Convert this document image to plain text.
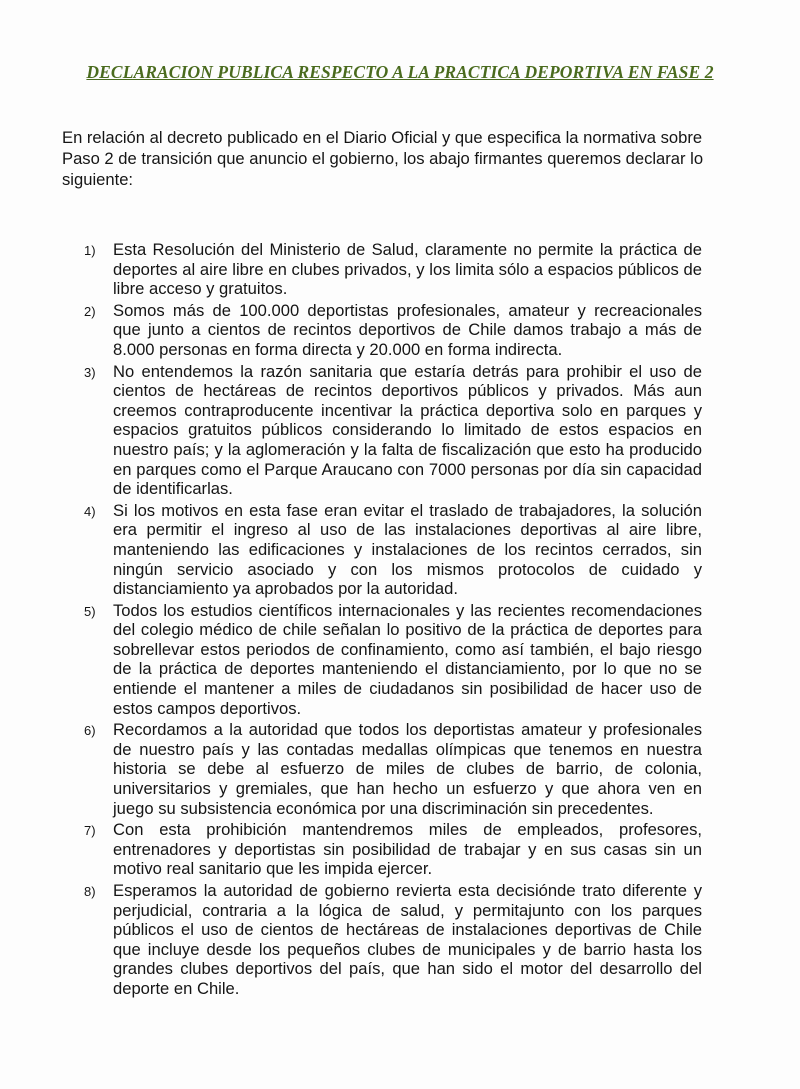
DECLARACION PUBLICA RESPECTO A LA PRACTICA DEPORTIVA EN FASE 2
En relación al decreto publicado en el Diario Oficial y que especifica la normativa sobre Paso 2 de transición que anuncio el gobierno, los abajo firmantes queremos declarar lo siguiente:
1) Esta Resolución del Ministerio de Salud, claramente no permite la práctica de deportes al aire libre en clubes privados, y los limita sólo a espacios públicos de libre acceso y gratuitos.
2) Somos más de 100.000 deportistas profesionales, amateur y recreacionales que junto a cientos de recintos deportivos de Chile damos trabajo a más de 8.000 personas en forma directa y 20.000 en forma indirecta.
3) No entendemos la razón sanitaria que estaría detrás para prohibir el uso de cientos de hectáreas de recintos deportivos públicos y privados. Más aun creemos contraproducente incentivar la práctica deportiva solo en parques y espacios gratuitos públicos considerando lo limitado de estos espacios en nuestro país; y la aglomeración y la falta de fiscalización que esto ha producido en parques como el Parque Araucano con 7000 personas por día sin capacidad de identificarlas.
4) Si los motivos en esta fase eran evitar el traslado de trabajadores, la solución era permitir el ingreso al uso de las instalaciones deportivas al aire libre, manteniendo las edificaciones y instalaciones de los recintos cerrados, sin ningún servicio asociado y con los mismos protocolos de cuidado y distanciamiento ya aprobados por la autoridad.
5) Todos los estudios científicos internacionales y las recientes recomendaciones del colegio médico de chile señalan lo positivo de la práctica de deportes para sobrellevar estos periodos de confinamiento, como así también, el bajo riesgo de la práctica de deportes manteniendo el distanciamiento, por lo que no se entiende el mantener a miles de ciudadanos sin posibilidad de hacer uso de estos campos deportivos.
6) Recordamos a la autoridad que todos los deportistas amateur y profesionales de nuestro país y las contadas medallas olímpicas que tenemos en nuestra historia se debe al esfuerzo de miles de clubes de barrio, de colonia, universitarios y gremiales, que han hecho un esfuerzo y que ahora ven en juego su subsistencia económica por una discriminación sin precedentes.
7) Con esta prohibición mantendremos miles de empleados, profesores, entrenadores y deportistas sin posibilidad de trabajar y en sus casas sin un motivo real sanitario que les impida ejercer.
8) Esperamos la autoridad de gobierno revierta esta decisiónde trato diferente y perjudicial, contraria a la lógica de salud, y permitajunto con los parques públicos el uso de cientos de hectáreas de instalaciones deportivas de Chile que incluye desde los pequeños clubes de municipales y de barrio hasta los grandes clubes deportivos del país, que han sido el motor del desarrollo del deporte en Chile.
